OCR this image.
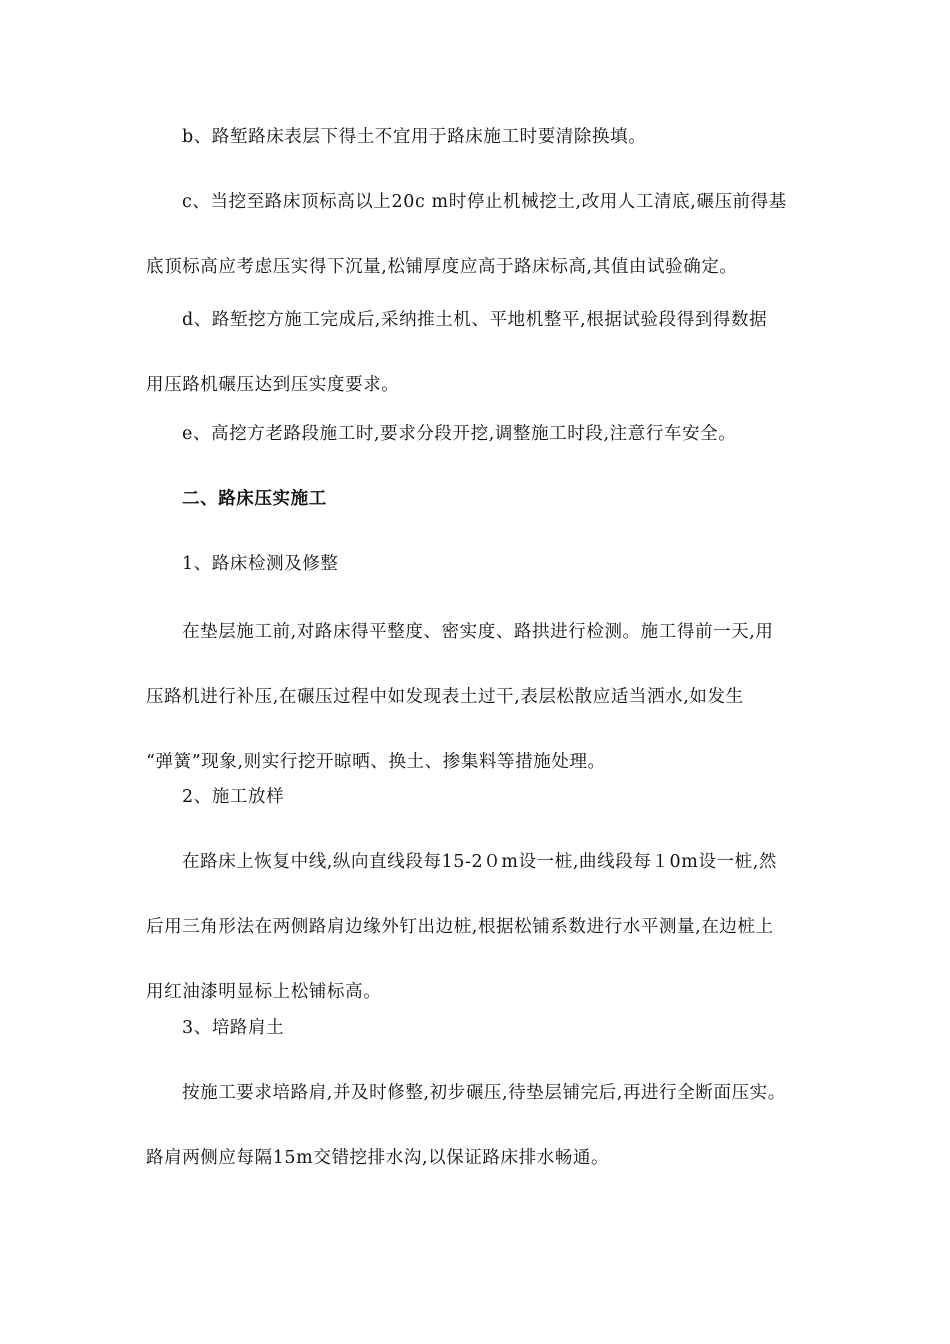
b、路堑路床表层下得土不宜用于路床施工时要清除换填。

c、当挖至路床顶标高以上20c m时停止机械挖土,改用人工清底,碾压前得基
底顶标高应考虑压实得下沉量,松铺厚度应高于路床标高,其值由试验确定。

d、路堑挖方施工完成后,采纳推土机、平地机整平,根据试验段得到得数据
用压路机碾压达到压实度要求。

e、高挖方老路段施工时,要求分段开挖,调整施工时段,注意行车安全。

二、路床压实施工

1、路床检测及修整

在垫层施工前,对路床得平整度、密实度、路拱进行检测。施工得前一天,用
压路机进行补压,在碾压过程中如发现表土过干,表层松散应适当洒水,如发生
“弹簧”现象,则实行挖开晾晒、换土、掺集料等措施处理。

2、施工放样

在路床上恢复中线,纵向直线段每15-2０m设一桩,曲线段每１0m设一桩,然
后用三角形法在两侧路肩边缘外钉出边桩,根据松铺系数进行水平测量,在边桩上
用红油漆明显标上松铺标高。

3、培路肩土

按施工要求培路肩,并及时修整,初步碾压,待垫层铺完后,再进行全断面压实。
路肩两侧应每隔15m交错挖排水沟,以保证路床排水畅通。
